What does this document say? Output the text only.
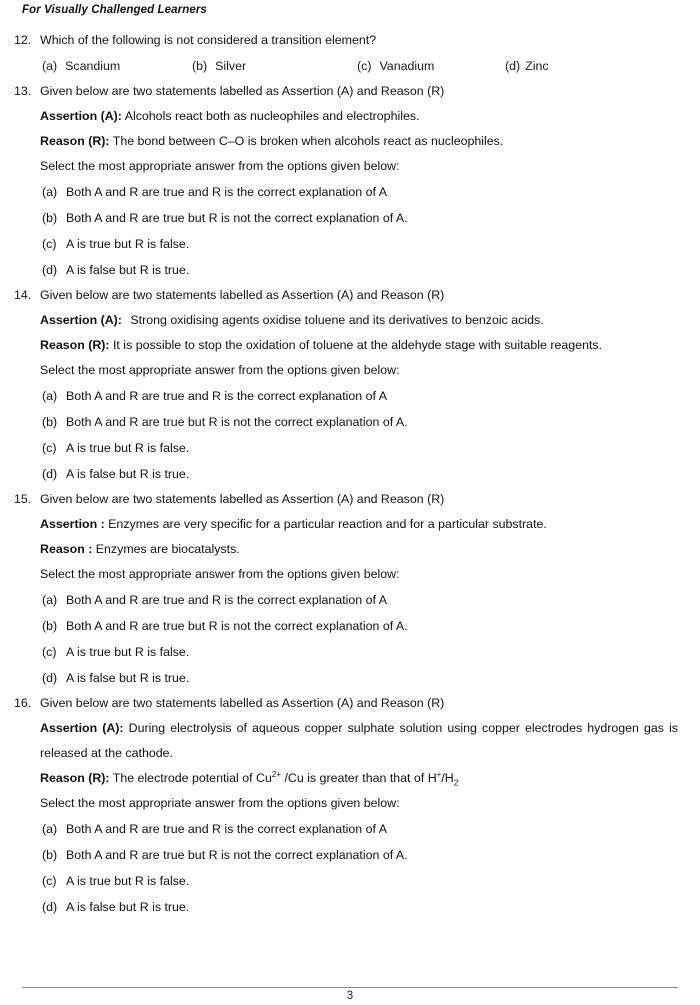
For Visually Challenged Learners
12. Which of the following is not considered a transition element?
(a) Scandium	(b) Silver	(c) Vanadium	(d) Zinc
13. Given below are two statements labelled as Assertion (A) and Reason (R)
Assertion (A): Alcohols react both as nucleophiles and electrophiles.
Reason (R): The bond between C–O is broken when alcohols react as nucleophiles.
Select the most appropriate answer from the options given below:
(a) Both A and R are true and R is the correct explanation of A
(b) Both A and R are true but R is not the correct explanation of A.
(c) A is true but R is false.
(d) A is false but R is true.
14. Given below are two statements labelled as Assertion (A) and Reason (R)
Assertion (A): Strong oxidising agents oxidise toluene and its derivatives to benzoic acids.
Reason (R): It is possible to stop the oxidation of toluene at the aldehyde stage with suitable reagents.
Select the most appropriate answer from the options given below:
(a) Both A and R are true and R is the correct explanation of A
(b) Both A and R are true but R is not the correct explanation of A.
(c) A is true but R is false.
(d) A is false but R is true.
15. Given below are two statements labelled as Assertion (A) and Reason (R)
Assertion : Enzymes are very specific for a particular reaction and for a particular substrate.
Reason : Enzymes are biocatalysts.
Select the most appropriate answer from the options given below:
(a) Both A and R are true and R is the correct explanation of A
(b) Both A and R are true but R is not the correct explanation of A.
(c) A is true but R is false.
(d) A is false but R is true.
16. Given below are two statements labelled as Assertion (A) and Reason (R)
Assertion (A): During electrolysis of aqueous copper sulphate solution using copper electrodes hydrogen gas is released at the cathode.
Reason (R): The electrode potential of $Cu^{2+}$ /Cu is greater than that of $H^+/H_2$
Select the most appropriate answer from the options given below:
(a) Both A and R are true and R is the correct explanation of A
(b) Both A and R are true but R is not the correct explanation of A.
(c) A is true but R is false.
(d) A is false but R is true.
3
